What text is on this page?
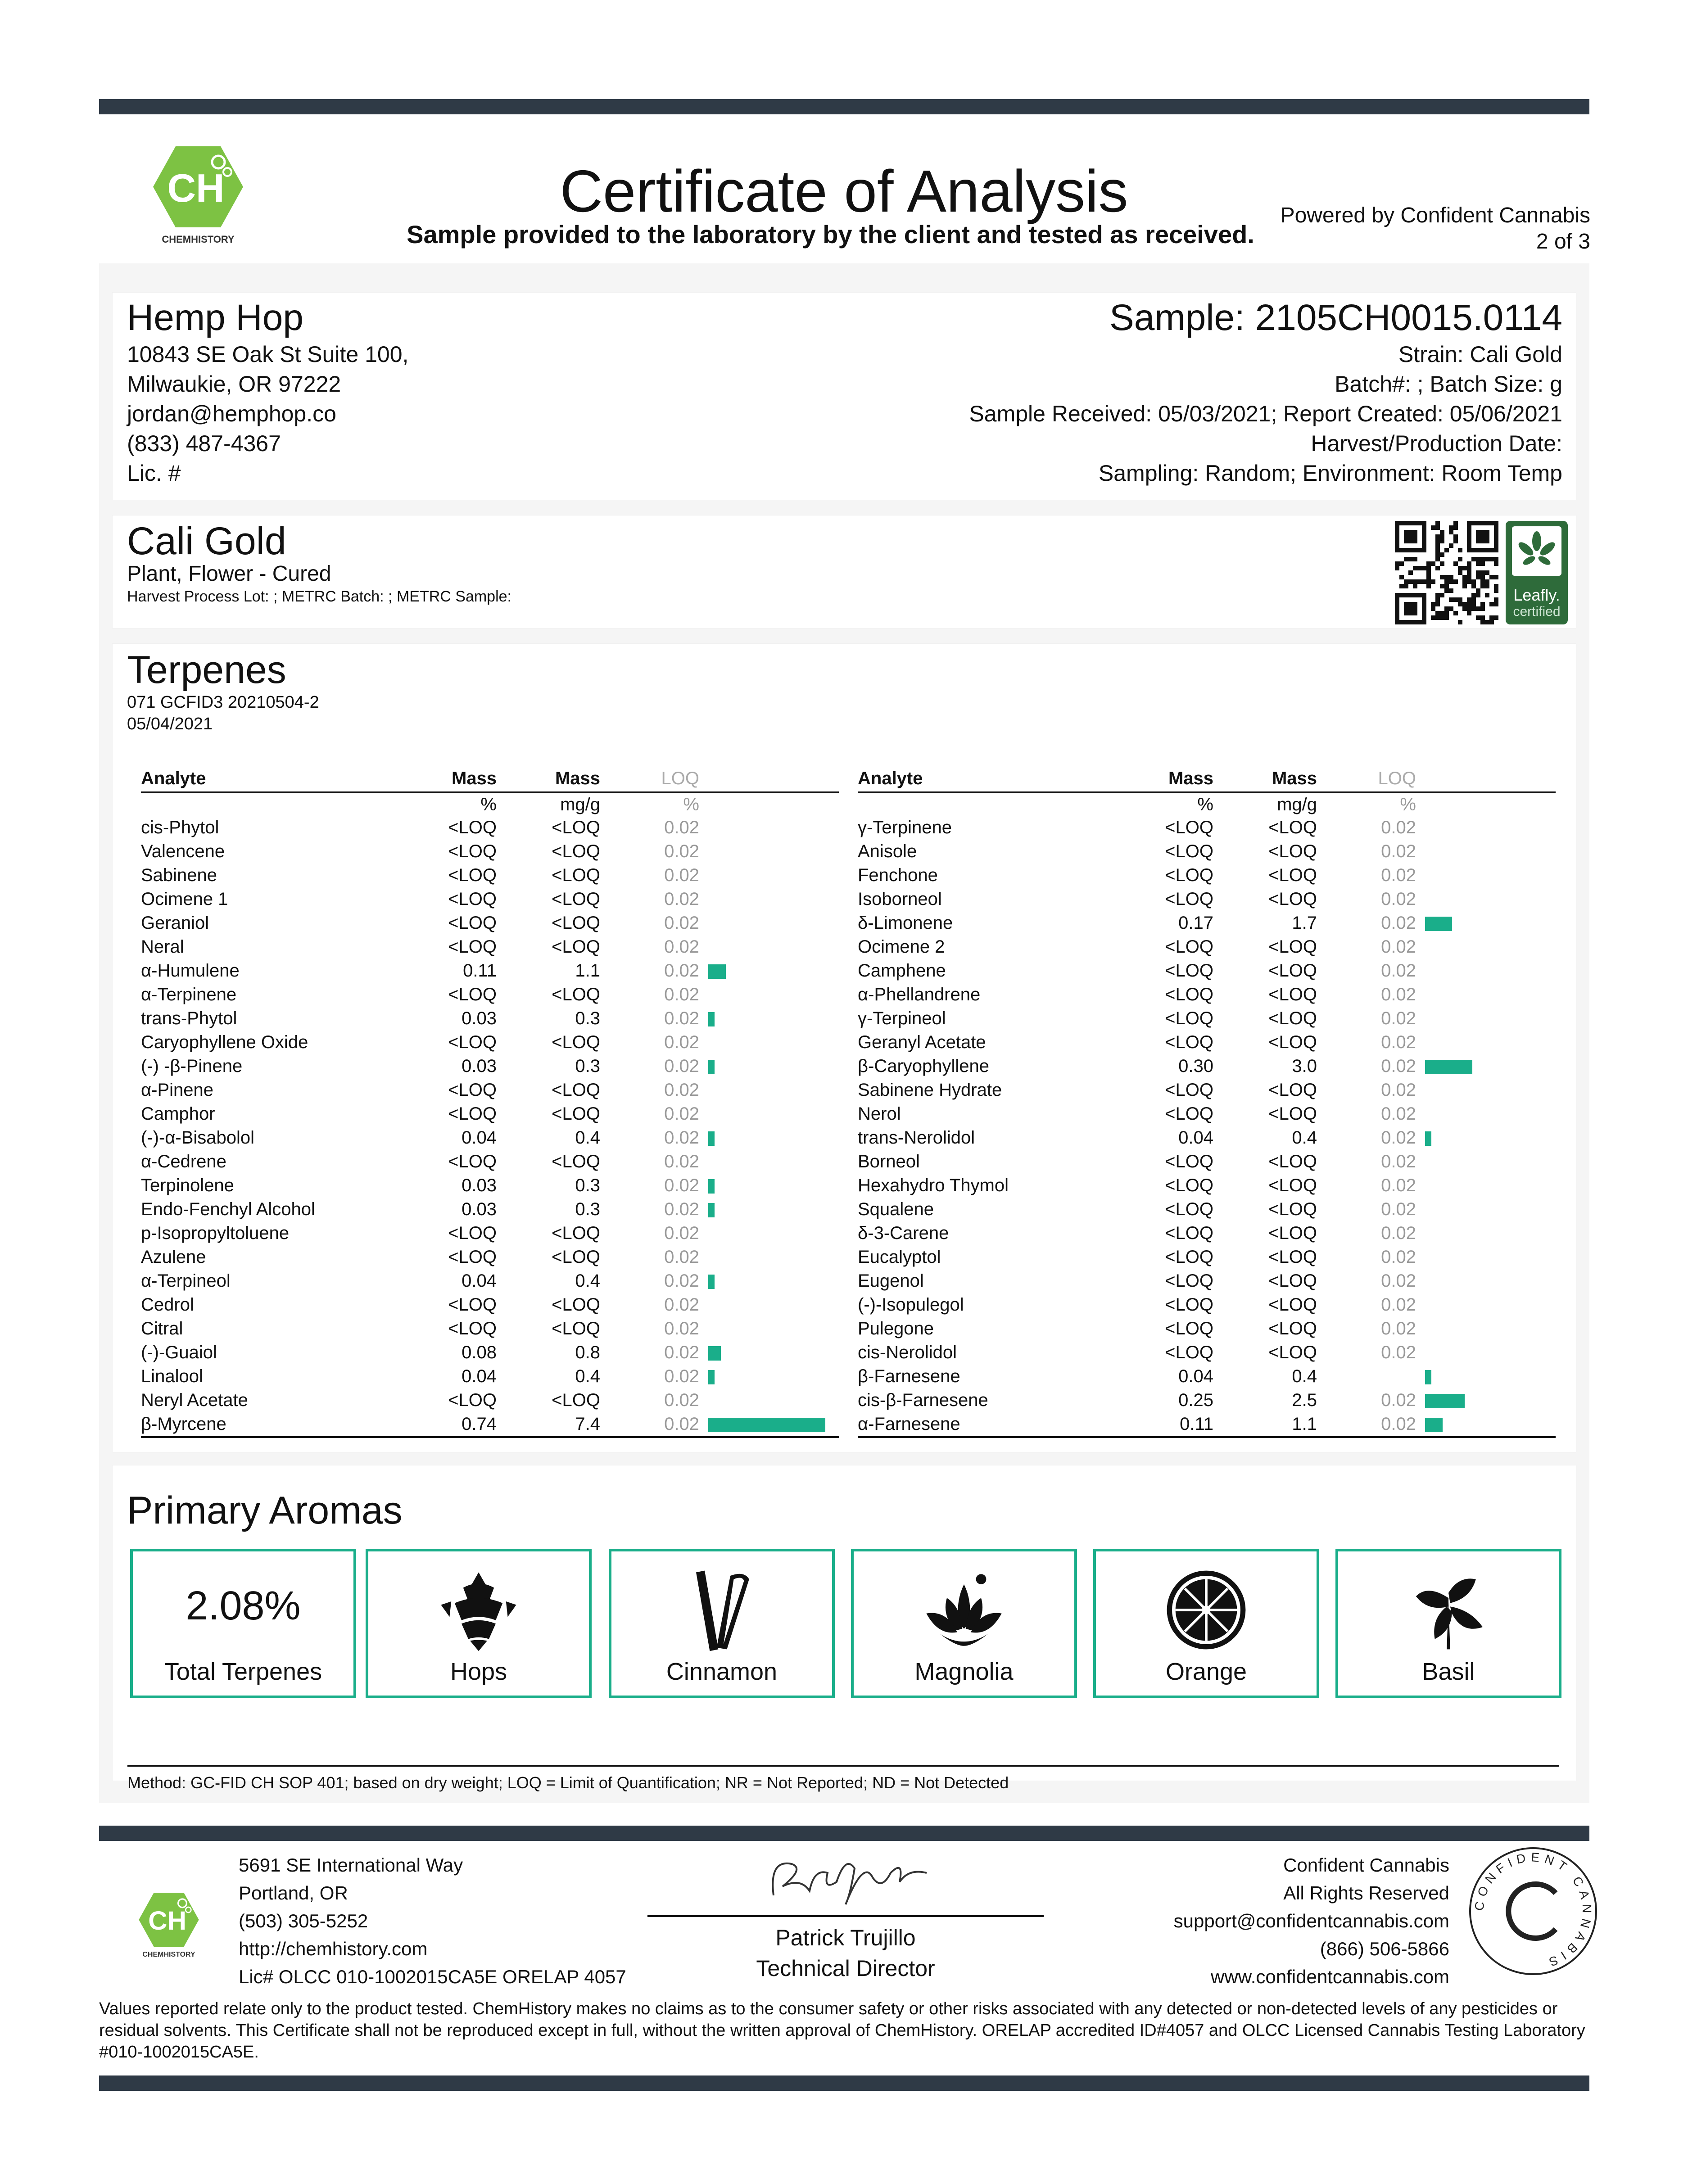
CH
CHEMHISTORY
Certificate of Analysis
Sample provided to the laboratory by the client and tested as received.
Powered by Confident Cannabis
2 of 3
Hemp Hop
10843 SE Oak St Suite 100,
Milwaukie, OR 97222
jordan@hemphop.co
(833) 487-4367
Lic. #
Sample: 2105CH0015.0114
Strain: Cali Gold
Batch#: ; Batch Size: g
Sample Received: 05/03/2021; Report Created: 05/06/2021
Harvest/Production Date:
Sampling: Random; Environment: Room Temp
Cali Gold
Plant, Flower - Cured
Harvest Process Lot: ; METRC Batch: ; METRC Sample:	Leafly.
certified
Terpenes
071 GCFID3 20210504-2
05/04/2021
Analyte	Mass	Mass	LOQ	
	%	mg/g	%	
cis-Phytol	<LOQ	<LOQ	0.02	
Valencene	<LOQ	<LOQ	0.02	
Sabinene	<LOQ	<LOQ	0.02	
Ocimene 1	<LOQ	<LOQ	0.02	
Geraniol	<LOQ	<LOQ	0.02	
Neral	<LOQ	<LOQ	0.02	
α-Humulene	0.11	1.1	0.02	

α-Terpinene	<LOQ	<LOQ	0.02	
trans-Phytol	0.03	0.3	0.02	

Caryophyllene Oxide	<LOQ	<LOQ	0.02	
(-) -β-Pinene	0.03	0.3	0.02	

α-Pinene	<LOQ	<LOQ	0.02	
Camphor	<LOQ	<LOQ	0.02	
(-)-α-Bisabolol	0.04	0.4	0.02	

α-Cedrene	<LOQ	<LOQ	0.02	
Terpinolene	0.03	0.3	0.02	

Endo-Fenchyl Alcohol	0.03	0.3	0.02	

p-Isopropyltoluene	<LOQ	<LOQ	0.02	
Azulene	<LOQ	<LOQ	0.02	
α-Terpineol	0.04	0.4	0.02	

Cedrol	<LOQ	<LOQ	0.02	
Citral	<LOQ	<LOQ	0.02	
(-)-Guaiol	0.08	0.8	0.02	

Linalool	0.04	0.4	0.02	

Neryl Acetate	<LOQ	<LOQ	0.02	
β-Myrcene	0.74	7.4	0.02	
Analyte	Mass	Mass	LOQ	
	%	mg/g	%	
γ-Terpinene	<LOQ	<LOQ	0.02	
Anisole	<LOQ	<LOQ	0.02	
Fenchone	<LOQ	<LOQ	0.02	
Isoborneol	<LOQ	<LOQ	0.02	
δ-Limonene	0.17	1.7	0.02	

Ocimene 2	<LOQ	<LOQ	0.02	
Camphene	<LOQ	<LOQ	0.02	
α-Phellandrene	<LOQ	<LOQ	0.02	
γ-Terpineol	<LOQ	<LOQ	0.02	
Geranyl Acetate	<LOQ	<LOQ	0.02	
β-Caryophyllene	0.30	3.0	0.02	

Sabinene Hydrate	<LOQ	<LOQ	0.02	
Nerol	<LOQ	<LOQ	0.02	
trans-Nerolidol	0.04	0.4	0.02	

Borneol	<LOQ	<LOQ	0.02	
Hexahydro Thymol	<LOQ	<LOQ	0.02	
Squalene	<LOQ	<LOQ	0.02	
δ-3-Carene	<LOQ	<LOQ	0.02	
Eucalyptol	<LOQ	<LOQ	0.02	
Eugenol	<LOQ	<LOQ	0.02	
(-)-Isopulegol	<LOQ	<LOQ	0.02	
Pulegone	<LOQ	<LOQ	0.02	
cis-Nerolidol	<LOQ	<LOQ	0.02	
β-Farnesene	0.04	0.4		

cis-β-Farnesene	0.25	2.5	0.02	

α-Farnesene	0.11	1.1	0.02	
Primary Aromas
2.08%
Total Terpenes	Hops	Cinnamon	Magnolia	Orange	Basil
Method: GC-FID CH SOP 401; based on dry weight; LOQ = Limit of Quantification; NR = Not Reported; ND = Not Detected
CH
CHEMHISTORY
5691 SE International Way
Portland, OR
(503) 305-5252
http://chemhistory.com
Lic# OLCC 010-1002015CA5E ORELAP 4057
Patrick Trujillo
Technical Director
Confident Cannabis
All Rights Reserved
support@confidentcannabis.com
(866) 506-5866
www.confidentcannabis.com
CONFIDENT CANNABIS
Values reported relate only to the product tested. ChemHistory makes no claims as to the consumer safety or other risks associated with any detected or non-detected levels of any pesticides or residual solvents. This Certificate shall not be reproduced except in full, without the written approval of ChemHistory. ORELAP accredited ID#4057 and OLCC Licensed Cannabis Testing Laboratory #010-1002015CA5E.
